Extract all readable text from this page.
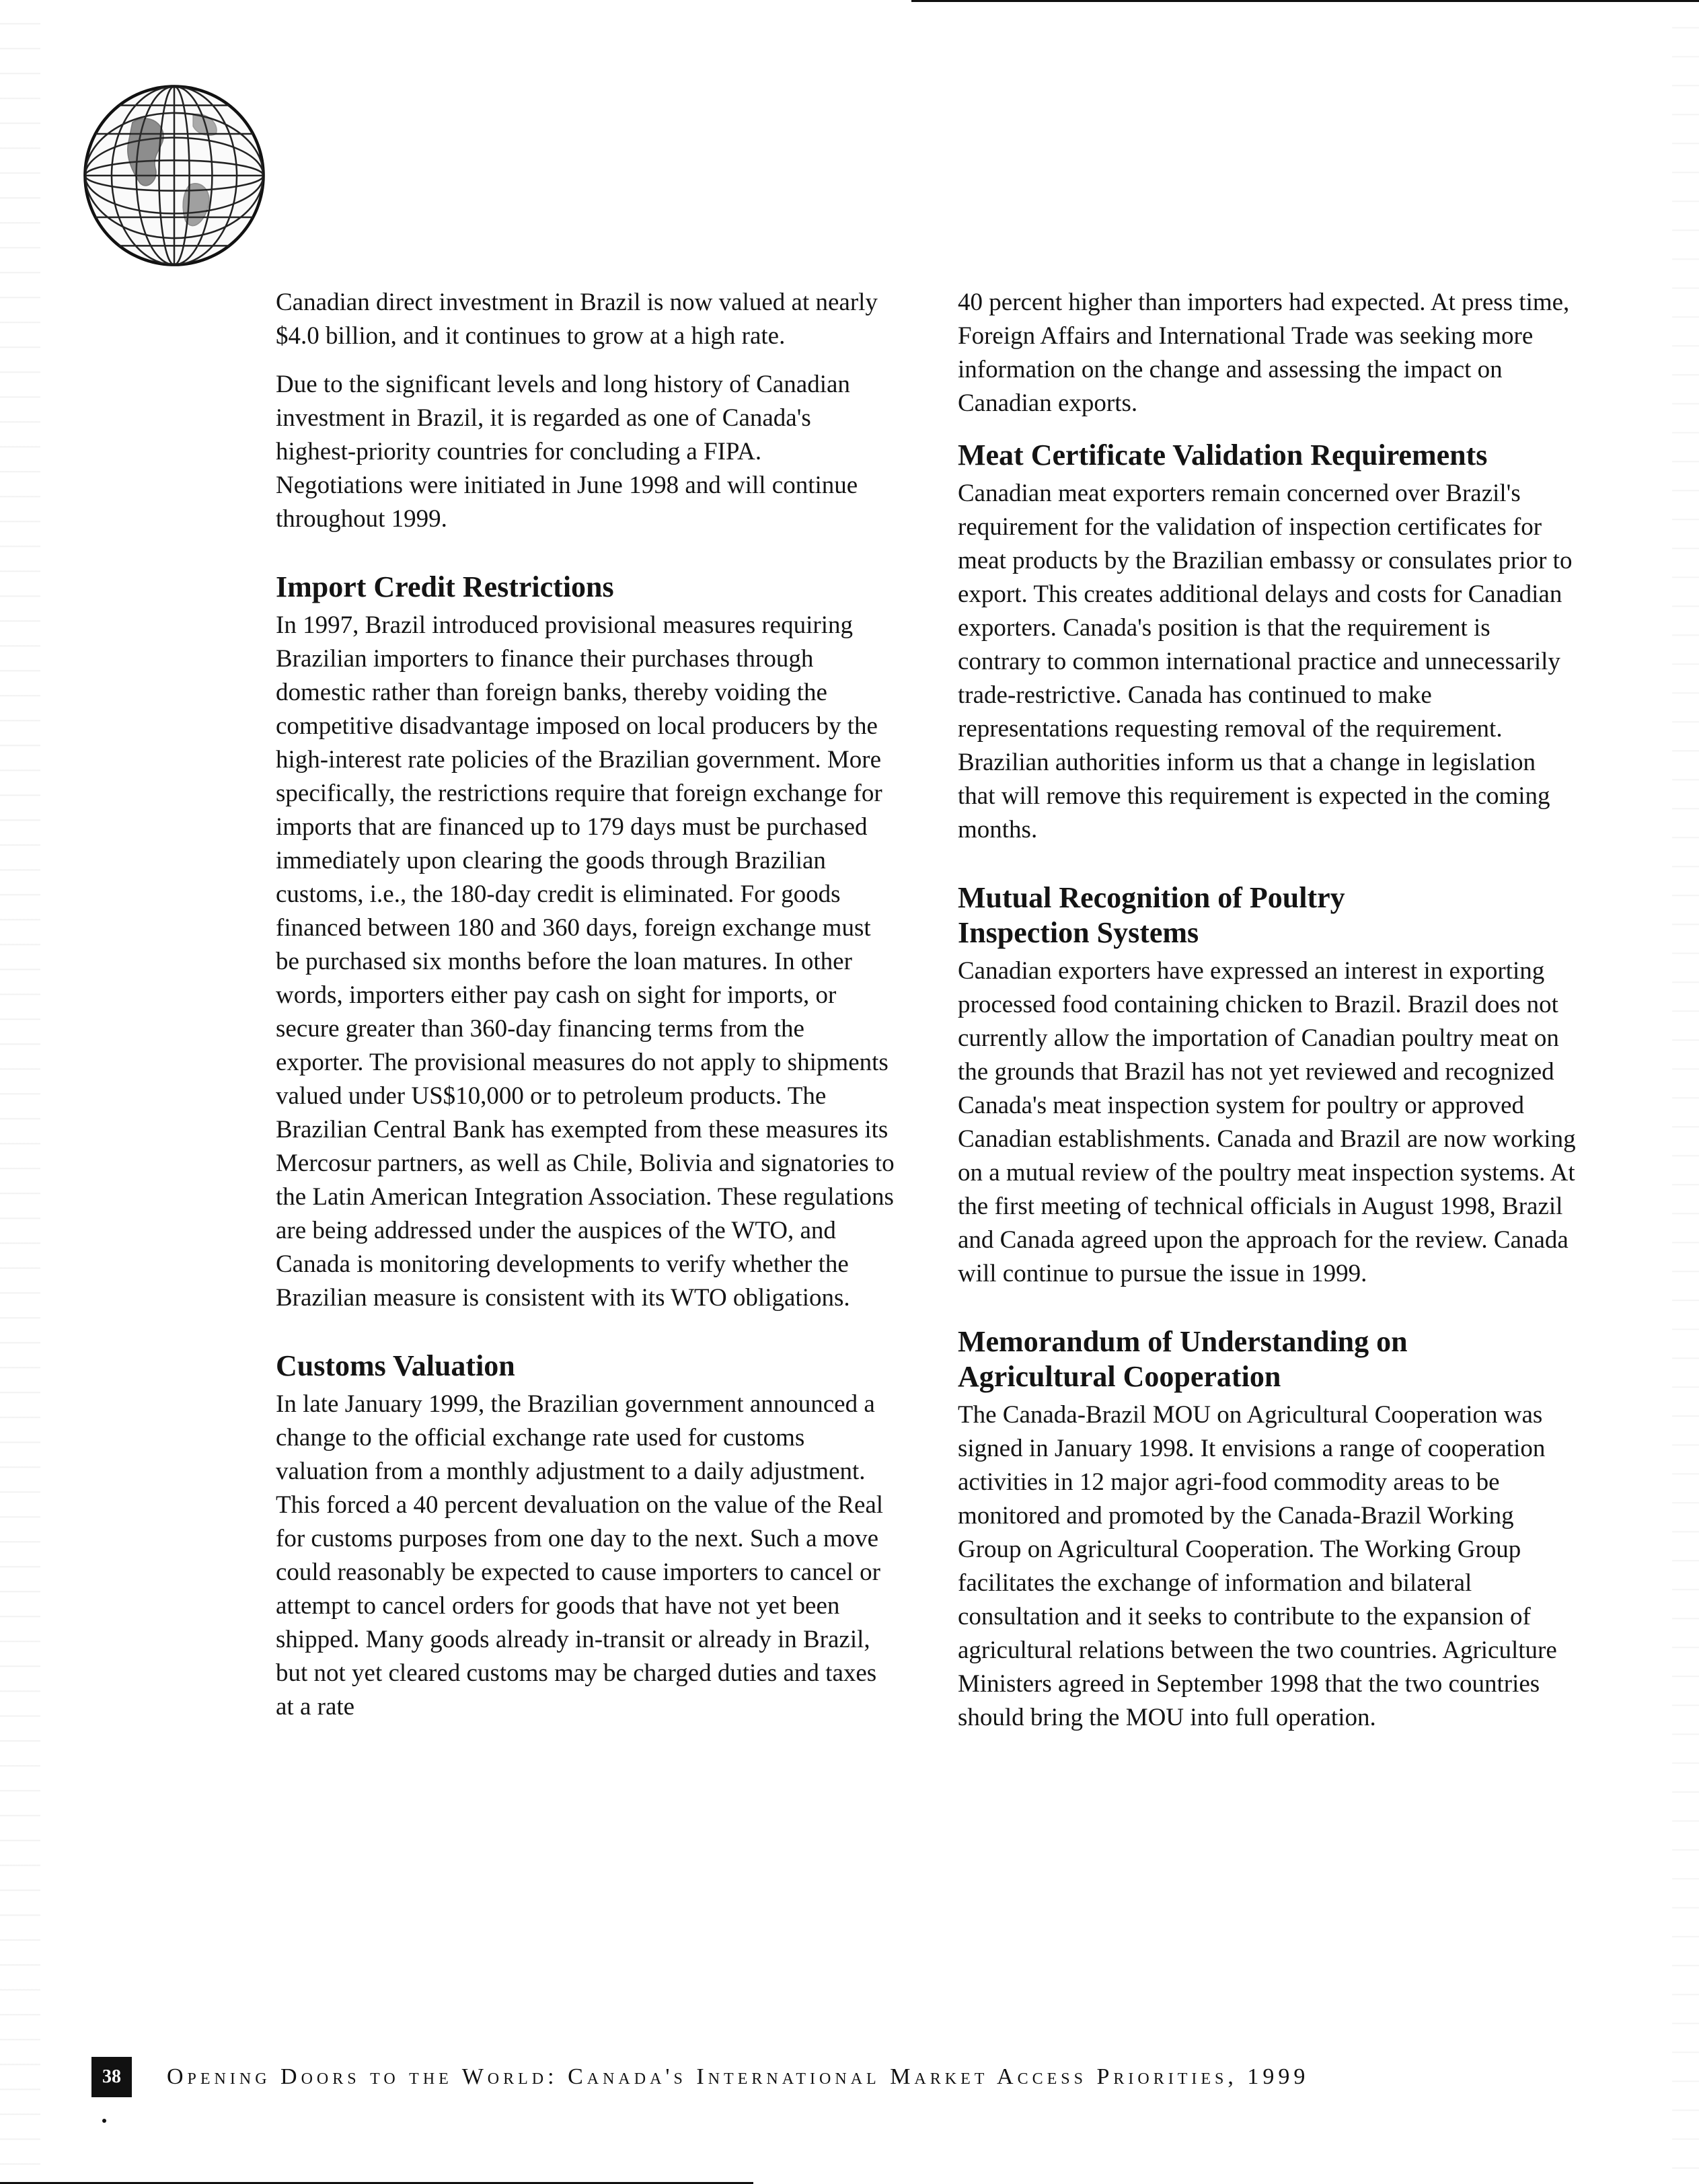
Canadian direct investment in Brazil is now valued at nearly $4.0 billion, and it continues to grow at a high rate.

Due to the significant levels and long history of Canadian investment in Brazil, it is regarded as one of Canada's highest-priority countries for concluding a FIPA. Negotiations were initiated in June 1998 and will continue throughout 1999.

Import Credit Restrictions

In 1997, Brazil introduced provisional measures requiring Brazilian importers to finance their purchases through domestic rather than foreign banks, thereby voiding the competitive disadvantage imposed on local producers by the high-interest rate policies of the Brazilian government. More specifically, the restrictions require that foreign exchange for imports that are financed up to 179 days must be purchased immediately upon clearing the goods through Brazilian customs, i.e., the 180-day credit is eliminated. For goods financed between 180 and 360 days, foreign exchange must be purchased six months before the loan matures. In other words, importers either pay cash on sight for imports, or secure greater than 360-day financing terms from the exporter. The provisional measures do not apply to shipments valued under US$10,000 or to petroleum products. The Brazilian Central Bank has exempted from these measures its Mercosur partners, as well as Chile, Bolivia and signatories to the Latin American Integration Association. These regulations are being addressed under the auspices of the WTO, and Canada is monitoring developments to verify whether the Brazilian measure is consistent with its WTO obligations.

Customs Valuation

In late January 1999, the Brazilian government announced a change to the official exchange rate used for customs valuation from a monthly adjustment to a daily adjustment. This forced a 40 percent devaluation on the value of the Real for customs purposes from one day to the next. Such a move could reasonably be expected to cause importers to cancel or attempt to cancel orders for goods that have not yet been shipped. Many goods already in-transit or already in Brazil, but not yet cleared customs may be charged duties and taxes at a rate

40 percent higher than importers had expected. At press time, Foreign Affairs and International Trade was seeking more information on the change and assessing the impact on Canadian exports.

Meat Certificate Validation Requirements

Canadian meat exporters remain concerned over Brazil's requirement for the validation of inspection certificates for meat products by the Brazilian embassy or consulates prior to export. This creates additional delays and costs for Canadian exporters. Canada's position is that the requirement is contrary to common international practice and unnecessarily trade-restrictive. Canada has continued to make representations requesting removal of the requirement. Brazilian authorities inform us that a change in legislation that will remove this requirement is expected in the coming months.

Mutual Recognition of Poultry Inspection Systems

Canadian exporters have expressed an interest in exporting processed food containing chicken to Brazil. Brazil does not currently allow the importation of Canadian poultry meat on the grounds that Brazil has not yet reviewed and recognized Canada's meat inspection system for poultry or approved Canadian establishments. Canada and Brazil are now working on a mutual review of the poultry meat inspection systems. At the first meeting of technical officials in August 1998, Brazil and Canada agreed upon the approach for the review. Canada will continue to pursue the issue in 1999.

Memorandum of Understanding on Agricultural Cooperation

The Canada-Brazil MOU on Agricultural Cooperation was signed in January 1998. It envisions a range of cooperation activities in 12 major agri-food commodity areas to be monitored and promoted by the Canada-Brazil Working Group on Agricultural Cooperation. The Working Group facilitates the exchange of information and bilateral consultation and it seeks to contribute to the expansion of agricultural relations between the two countries. Agriculture Ministers agreed in September 1998 that the two countries should bring the MOU into full operation.

38	Opening Doors to the World: Canada's International Market Access Priorities, 1999
